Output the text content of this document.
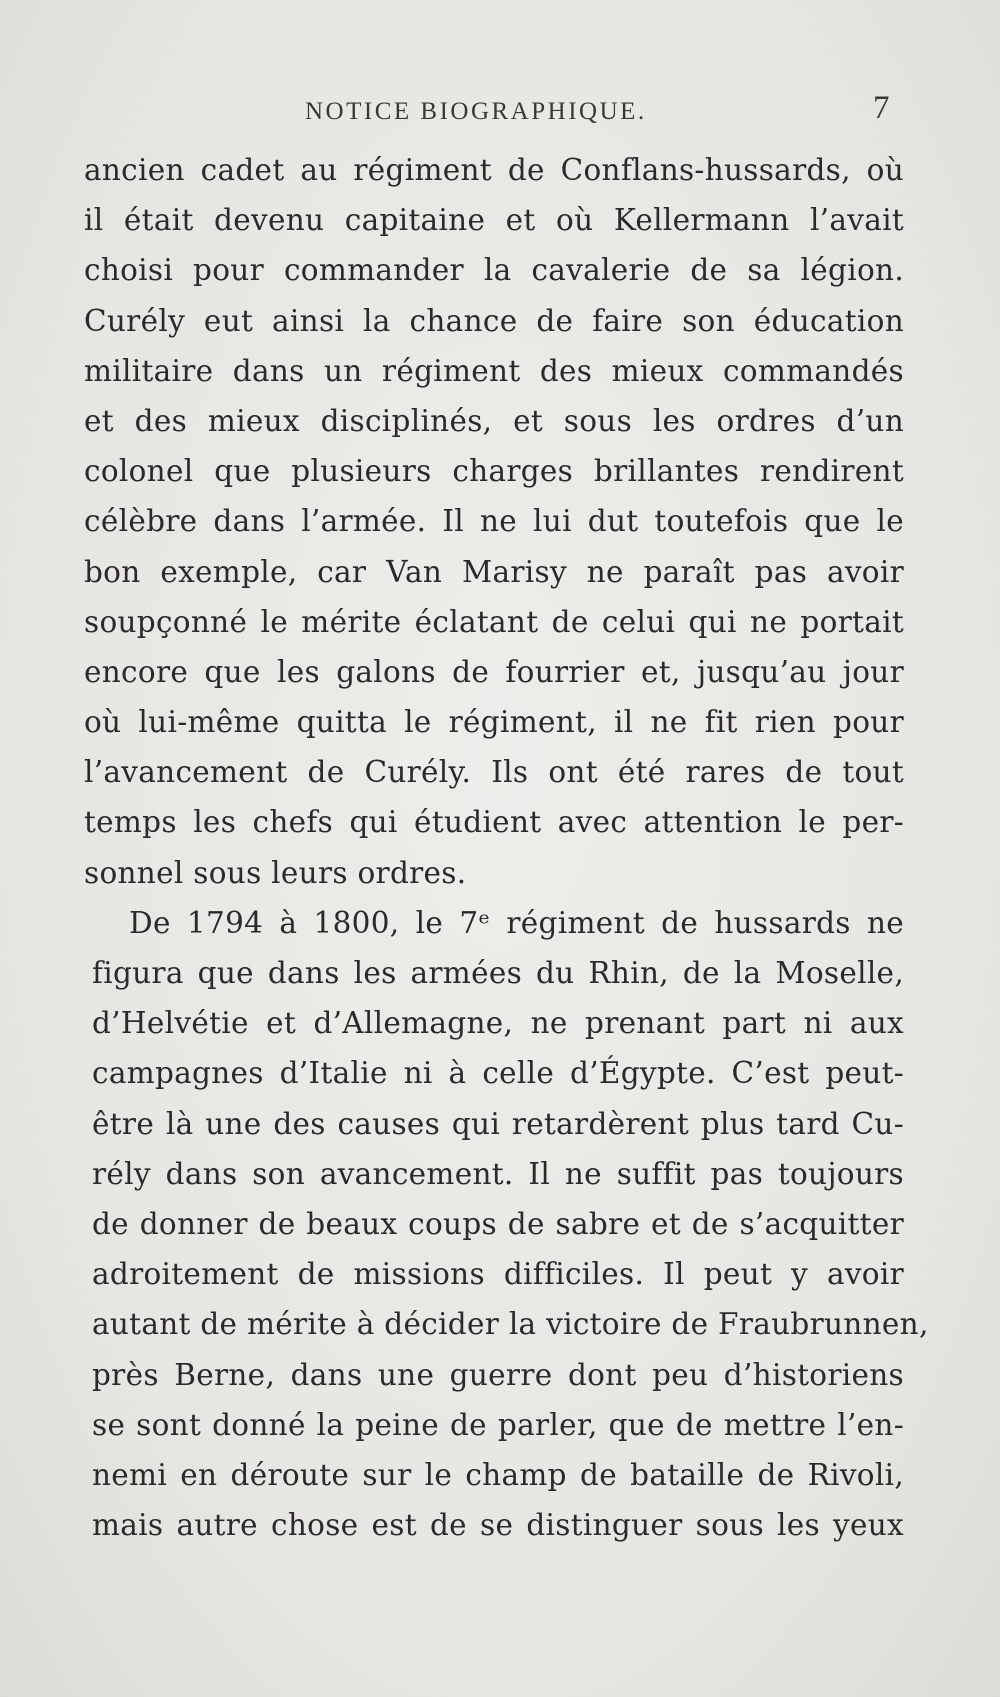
NOTICE BIOGRAPHIQUE.	7
ancien cadet au régiment de Conflans-hussards, où
il était devenu capitaine et où Kellermann l’avait
choisi pour commander la cavalerie de sa légion.
Curély eut ainsi la chance de faire son éducation
militaire dans un régiment des mieux commandés
et des mieux disciplinés, et sous les ordres d’un
colonel que plusieurs charges brillantes rendirent
célèbre dans l’armée. Il ne lui dut toutefois que le
bon exemple, car Van Marisy ne paraît pas avoir
soupçonné le mérite éclatant de celui qui ne portait
encore que les galons de fourrier et, jusqu’au jour
où lui-même quitta le régiment, il ne fit rien pour
l’avancement de Curély. Ils ont été rares de tout
temps les chefs qui étudient avec attention le per-
sonnel sous leurs ordres.
De 1794 à 1800, le 7ᵉ régiment de hussards ne
figura que dans les armées du Rhin, de la Moselle,
d’Helvétie et d’Allemagne, ne prenant part ni aux
campagnes d’Italie ni à celle d’Égypte. C’est peut-
être là une des causes qui retardèrent plus tard Cu-
rély dans son avancement. Il ne suffit pas toujours
de donner de beaux coups de sabre et de s’acquitter
adroitement de missions difficiles. Il peut y avoir
autant de mérite à décider la victoire de Fraubrunnen,
près Berne, dans une guerre dont peu d’historiens
se sont donné la peine de parler, que de mettre l’en-
nemi en déroute sur le champ de bataille de Rivoli,
mais autre chose est de se distinguer sous les yeux
